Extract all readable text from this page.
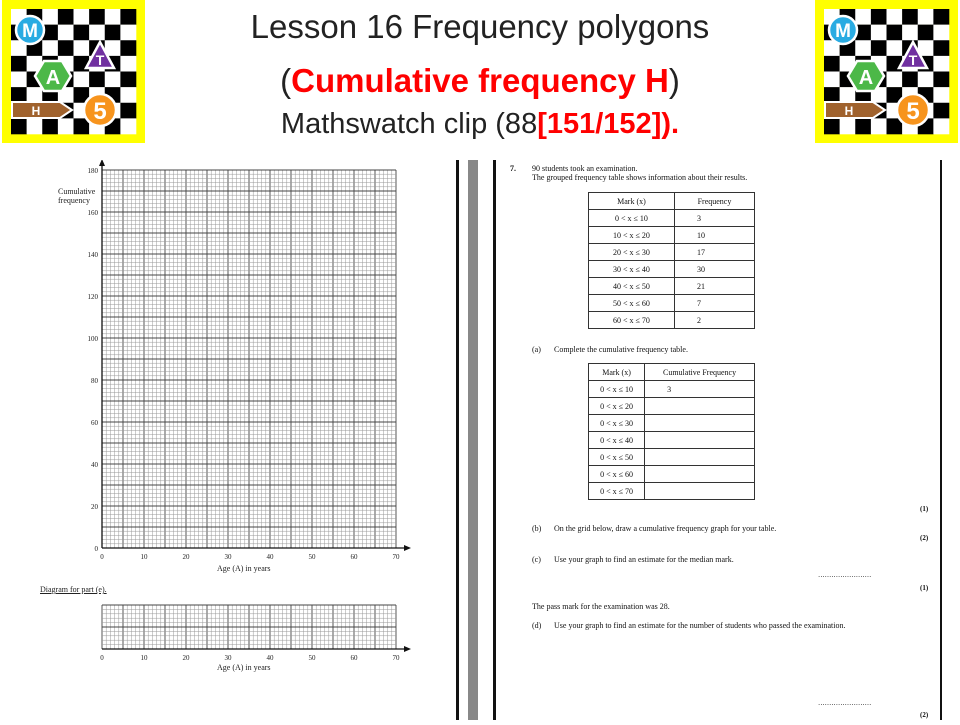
M
T
A
H 5
M
T
A
H 5
Lesson 16 Frequency polygons
(Cumulative frequency H)
Mathswatch clip (88[151/152]).
180
160
140
120
100
80
60
40
20
0
0	10	20	30	40	50	60	70
0	10	20	30	40	50	60	70
Cumulative
frequency
Age (A) in years
Diagram for part (e).
Age (A) in years
7. 90 students took an examination.
The grouped frequency table shows information about their results.
Mark (x)	Frequency
0 < x ≤ 10	3
10 < x ≤ 20	10
20 < x ≤ 30	17
30 < x ≤ 40	30
40 < x ≤ 50	21
50 < x ≤ 60	7
60 < x ≤ 70	2
(a) Complete the cumulative frequency table.
Mark (x)	Cumulative Frequency
0 < x ≤ 10	3
0 < x ≤ 20	
0 < x ≤ 30	
0 < x ≤ 40	
0 < x ≤ 50	
0 < x ≤ 60	
0 < x ≤ 70	
(1)
(b) On the grid below, draw a cumulative frequency graph for your table.
(2)
(c) Use your graph to find an estimate for the median mark.
........................
(1)
The pass mark for the examination was 28.
(d) Use your graph to find an estimate for the number of students who passed the examination.
........................
(2)
